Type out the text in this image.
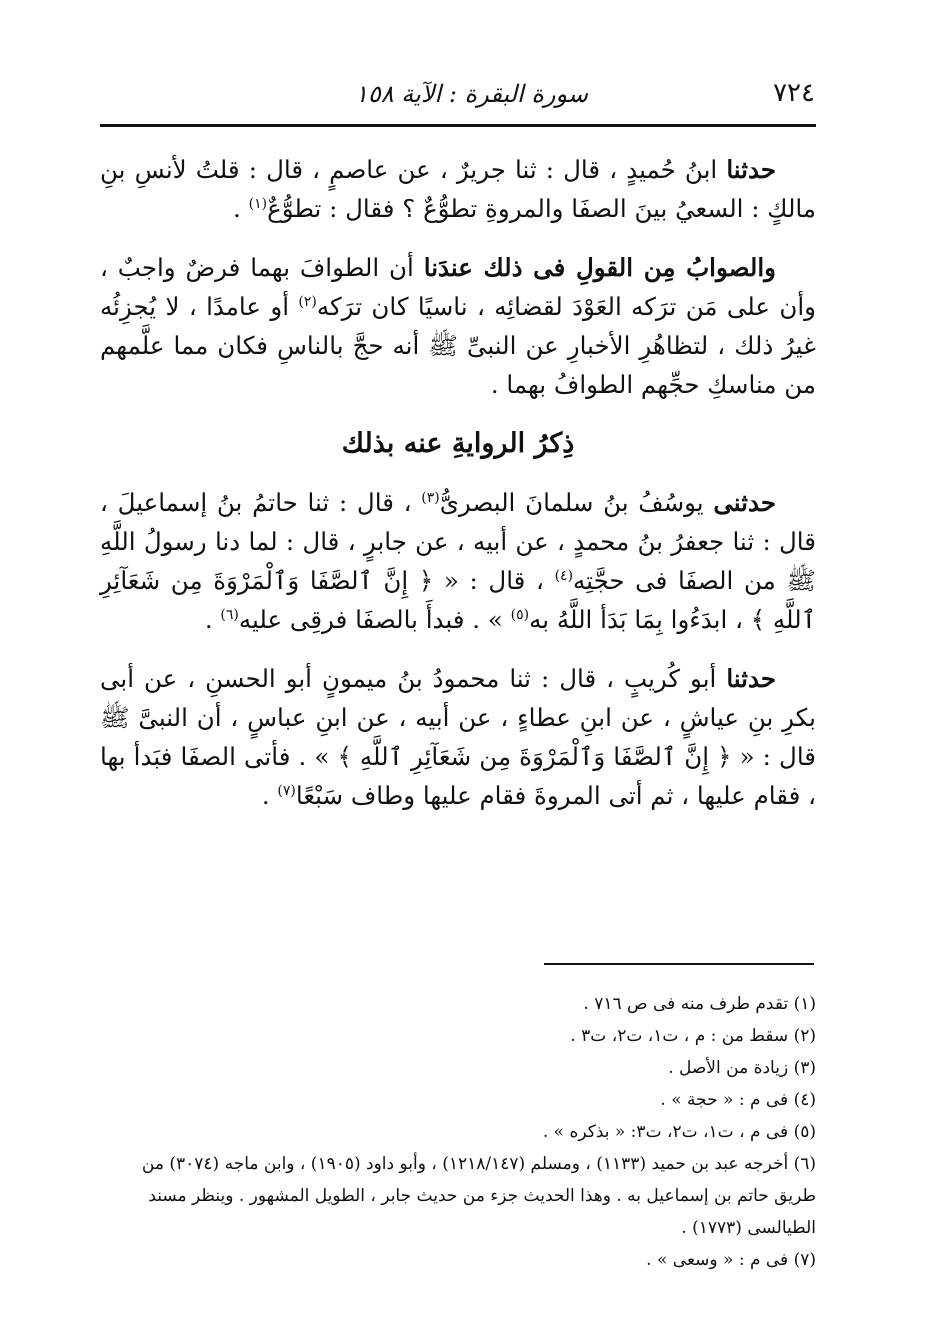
٧٢٤
سورة البقرة : الآية ١٥٨

حدثنا ابنُ حُميدٍ ، قال : ثنا جريرٌ ، عن عاصمٍ ، قال : قلتُ لأنسِ بنِ مالكٍ : السعيُ بينَ الصفَا والمروةِ تطوُّعٌ ؟ فقال : تطوُّعٌ$^{(١)}$ .

والصوابُ مِن القولِ فى ذلك عندَنا أن الطوافَ بهما فرضٌ واجبٌ ، وأن على مَن ترَكه العَوْدَ لقضائِه ، ناسيًا كان ترَكه$^{(٢)}$ أو عامدًا ، لا يُجزِئُه غيرُ ذلك ، لتظاهُرِ الأخبارِ عن النبىِّ ﷺ أنه حجَّ بالناسِ فكان مما علَّمهم من مناسكِ حجِّهم الطوافُ بهما .

ذِكرُ الروايةِ عنه بذلك

حدثنى يوسُفُ بنُ سلمانَ البصرىُّ$^{(٣)}$ ، قال : ثنا حاتمُ بنُ إسماعيلَ ، قال : ثنا جعفرُ بنُ محمدٍ ، عن أبيه ، عن جابرٍ ، قال : لما دنا رسولُ اللَّهِ ﷺ من الصفَا فى حجَّتِه$^{(٤)}$ ، قال : « ﴿ إِنَّ ٱلصَّفَا وَٱلْمَرْوَةَ مِن شَعَآئِرِ ٱللَّهِ ﴾ ، ابدَءُوا بِمَا بَدَأ اللَّهُ به$^{(٥)}$ » . فبدأَ بالصفَا فرقِى عليه$^{(٦)}$ .

حدثنا أبو كُريبٍ ، قال : ثنا محمودُ بنُ ميمونٍ أبو الحسنِ ، عن أبى بكرِ بنِ عياشٍ ، عن ابنِ عطاءٍ ، عن أبيه ، عن ابنِ عباسٍ ، أن النبىَّ ﷺ قال : « ﴿ إِنَّ ٱلصَّفَا وَٱلْمَرْوَةَ مِن شَعَآئِرِ ٱللَّهِ ﴾ » . فأتى الصفَا فبَدأ بها ، فقام عليها ، ثم أتى المروةَ فقام عليها وطاف سَبْعًا$^{(٧)}$ .

(١) تقدم طرف منه فى ص ٧١٦ .

(٢) سقط من : م ، ت١، ت٢، ت٣ .

(٣) زيادة من الأصل .

(٤) فى م : « حجة » .

(٥) فى م ، ت١، ت٢، ت٣: « بذكره » .

(٦) أخرجه عبد بن حميد (١١٣٣) ، ومسلم (١٢١٨/١٤٧) ، وأبو داود (١٩٠٥) ، وابن ماجه (٣٠٧٤) من طريق حاتم بن إسماعيل به . وهذا الحديث جزء من حديث جابر ، الطويل المشهور . وينظر مسند الطيالسى (١٧٧٣) .

(٧) فى م : « وسعى » .
